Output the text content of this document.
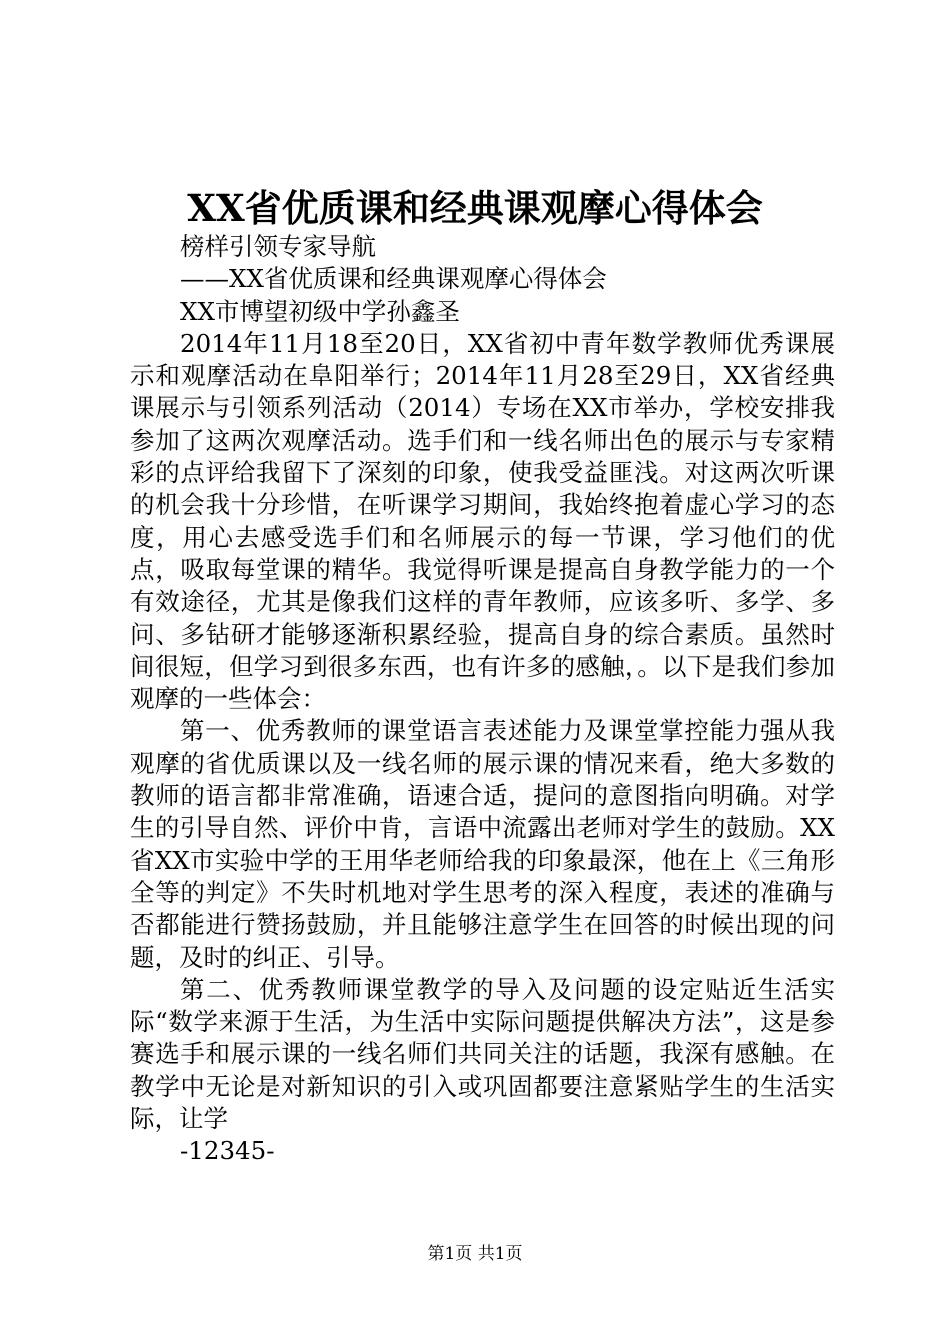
XX省优质课和经典课观摩心得体会

榜样引领专家导航

——XX省优质课和经典课观摩心得体会

XX市博望初级中学孙鑫圣

2014年11月18至20日，XX省初中青年数学教师优秀课展示和观摩活动在阜阳举行；2014年11月28至29日，XX省经典课展示与引领系列活动（2014）专场在XX市举办，学校安排我参加了这两次观摩活动。选手们和一线名师出色的展示与专家精彩的点评给我留下了深刻的印象，使我受益匪浅。对这两次听课的机会我十分珍惜，在听课学习期间，我始终抱着虚心学习的态度，用心去感受选手们和名师展示的每一节课，学习他们的优点，吸取每堂课的精华。我觉得听课是提高自身教学能力的一个有效途径，尤其是像我们这样的青年教师，应该多听、多学、多问、多钻研才能够逐渐积累经验，提高自身的综合素质。虽然时间很短，但学习到很多东西，也有许多的感触，。以下是我们参加观摩的一些体会：

第一、优秀教师的课堂语言表述能力及课堂掌控能力强从我观摩的省优质课以及一线名师的展示课的情况来看，绝大多数的教师的语言都非常准确，语速合适，提问的意图指向明确。对学生的引导自然、评价中肯，言语中流露出老师对学生的鼓励。XX省XX市实验中学的王用华老师给我的印象最深，他在上《三角形全等的判定》不失时机地对学生思考的深入程度，表述的准确与否都能进行赞扬鼓励，并且能够注意学生在回答的时候出现的问题，及时的纠正、引导。

第二、优秀教师课堂教学的导入及问题的设定贴近生活实际“数学来源于生活，为生活中实际问题提供解决方法”，这是参赛选手和展示课的一线名师们共同关注的话题，我深有感触。在教学中无论是对新知识的引入或巩固都要注意紧贴学生的生活实际，让学

-12345-

第1页 共1页
